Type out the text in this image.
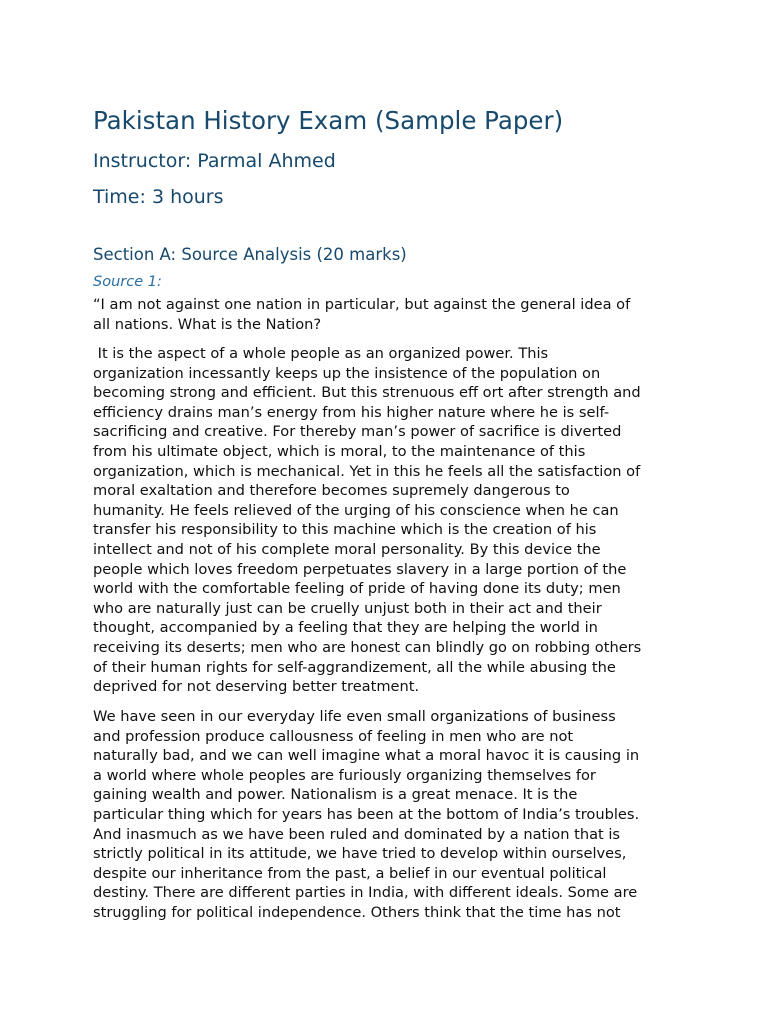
Pakistan History Exam (Sample Paper)
Instructor: Parmal Ahmed
Time: 3 hours
Section A: Source Analysis (20 marks)

Source 1:

“I am not against one nation in particular, but against the general idea of
all nations. What is the Nation?
It is the aspect of a whole people as an organized power. This
organization incessantly keeps up the insistence of the population on
becoming strong and efficient. But this strenuous eff ort after strength and
efficiency drains man’s energy from his higher nature where he is self-
sacrificing and creative. For thereby man’s power of sacrifice is diverted
from his ultimate object, which is moral, to the maintenance of this
organization, which is mechanical. Yet in this he feels all the satisfaction of
moral exaltation and therefore becomes supremely dangerous to
humanity. He feels relieved of the urging of his conscience when he can
transfer his responsibility to this machine which is the creation of his
intellect and not of his complete moral personality. By this device the
people which loves freedom perpetuates slavery in a large portion of the
world with the comfortable feeling of pride of having done its duty; men
who are naturally just can be cruelly unjust both in their act and their
thought, accompanied by a feeling that they are helping the world in
receiving its deserts; men who are honest can blindly go on robbing others
of their human rights for self-aggrandizement, all the while abusing the
deprived for not deserving better treatment.
We have seen in our everyday life even small organizations of business
and profession produce callousness of feeling in men who are not
naturally bad, and we can well imagine what a moral havoc it is causing in
a world where whole peoples are furiously organizing themselves for
gaining wealth and power. Nationalism is a great menace. It is the
particular thing which for years has been at the bottom of India’s troubles.
And inasmuch as we have been ruled and dominated by a nation that is
strictly political in its attitude, we have tried to develop within ourselves,
despite our inheritance from the past, a belief in our eventual political
destiny. There are different parties in India, with different ideals. Some are
struggling for political independence. Others think that the time has not
